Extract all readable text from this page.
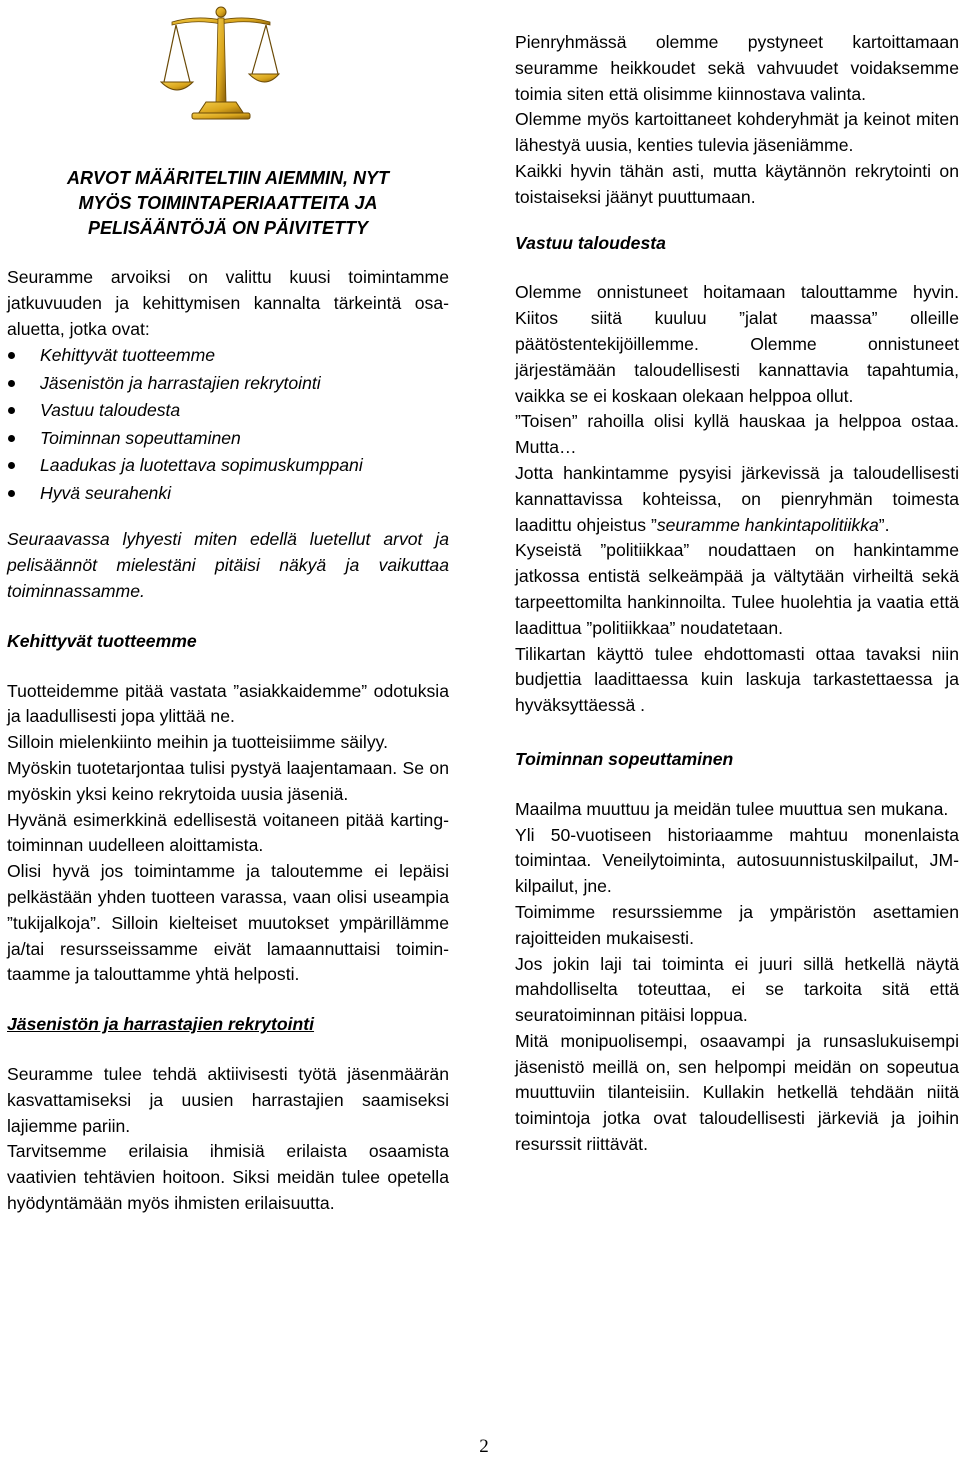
ARVOT MÄÄRITELTIIN AIEMMIN, NYT
MYÖS TOIMINTAPERIAATTEITA JA
PELISÄÄNTÖJÄ ON PÄIVITETTY

Seuramme arvoiksi on valittu kuusi toimintamme jatkuvuuden ja kehittymisen kannalta tärkeintä osa-aluetta, jotka ovat:

Kehittyvät tuotteemme
Jäsenistön ja harrastajien rekrytointi
Vastuu taloudesta
Toiminnan sopeuttaminen
Laadukas ja luotettava sopimuskumppani
Hyvä seurahenki

Seuraavassa lyhyesti miten edellä luetellut arvot ja pelisäännöt mielestäni pitäisi näkyä ja vaikuttaa toiminnassamme.

Kehittyvät tuotteemme

Tuotteidemme pitää vastata ”asiakkaidemme” odotuksia ja laadullisesti jopa ylittää ne.

Silloin mielenkiinto meihin ja tuotteisiimme säilyy.

Myöskin tuotetarjontaa tulisi pystyä laajentamaan. Se on myöskin yksi keino rekrytoida uusia jäseniä.

Hyvänä esimerkkinä edellisestä voitaneen pitää karting-toiminnan uudelleen aloittamista.

Olisi hyvä jos toimintamme ja taloutemme ei lepäisi pelkästään yhden tuotteen varassa, vaan olisi useampia ”tukijalkoja”. Silloin kielteiset muutokset ympärillämme ja/tai resursseissamme eivät lamaannuttaisi toimintaamme ja talouttamme yhtä helposti.

Jäsenistön ja harrastajien rekrytointi

Seuramme tulee tehdä aktiivisesti työtä jäsenmäärän kasvattamiseksi ja uusien harrastajien saamiseksi lajiemme pariin.

Tarvitsemme erilaisia ihmisiä erilaista osaamista vaativien tehtävien hoitoon. Siksi meidän tulee opetella hyödyntämään myös ihmisten erilaisuutta.

Pienryhmässä olemme pystyneet kartoittamaan seuramme heikkoudet sekä vahvuudet voidaksemme toimia siten että olisimme kiinnostava valinta.

Olemme myös kartoittaneet kohderyhmät ja keinot miten lähestyä uusia, kenties tulevia jäseniämme.

Kaikki hyvin tähän asti, mutta käytännön rekrytointi on toistaiseksi jäänyt puuttumaan.

Vastuu taloudesta

Olemme onnistuneet hoitamaan talouttamme hyvin. Kiitos siitä kuuluu ”jalat maassa” olleille päätöstentekijöillemme. Olemme onnistuneet järjestämään taloudellisesti kannattavia tapahtumia, vaikka se ei koskaan olekaan helppoa ollut.

”Toisen” rahoilla olisi kyllä hauskaa ja helppoa ostaa. Mutta…

Jotta hankintamme pysyisi järkevissä ja taloudellisesti kannattavissa kohteissa, on pienryhmän toimesta laadittu ohjeistus ”seuramme hankintapolitiikka”.

Kyseistä ”politiikkaa” noudattaen on hankintamme jatkossa entistä selkeämpää ja vältytään virheiltä sekä tarpeettomilta hankinnoilta. Tulee huolehtia ja vaatia että laadittua ”politiikkaa” noudatetaan.

Tilikartan käyttö tulee ehdottomasti ottaa tavaksi niin budjettia laadittaessa kuin laskuja tarkastettaessa ja hyväksyttäessä .

Toiminnan sopeuttaminen

Maailma muuttuu ja meidän tulee muuttua sen mukana.

Yli 50-vuotiseen historiaamme mahtuu monenlaista toimintaa. Veneilytoiminta, autosuunnistuskilpailut, JM-kilpailut, jne.

Toimimme resurssiemme ja ympäristön asettamien rajoitteiden mukaisesti.

Jos jokin laji tai toiminta ei juuri sillä hetkellä näytä mahdolliselta toteuttaa, ei se tarkoita sitä että seuratoiminnan pitäisi loppua.

Mitä monipuolisempi, osaavampi ja runsaslukuisempi jäsenistö meillä on, sen helpompi meidän on sopeutua muuttuviin tilanteisiin. Kullakin hetkellä tehdään niitä toimintoja jotka ovat taloudellisesti järkeviä ja joihin resurssit riittävät.

2
